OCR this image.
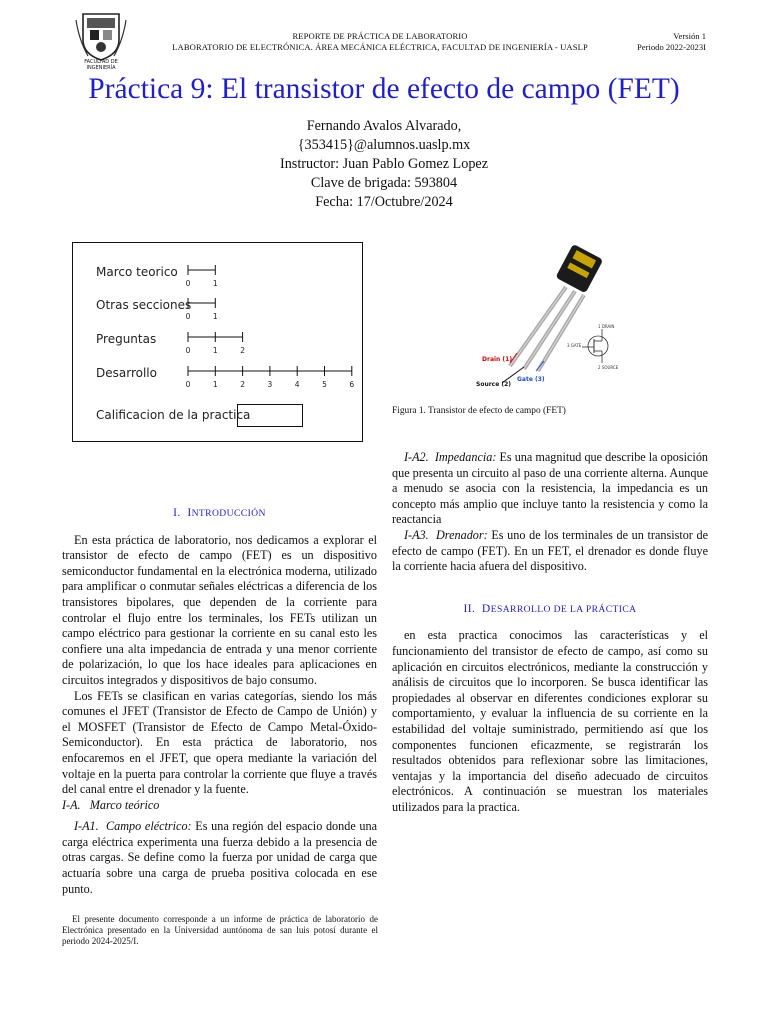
FACULTAD DE
INGENIERÍA
REPORTE DE PRÁCTICA DE LABORATORIO
LABORATORIO DE ELECTRÓNICA. ÁREA MECÁNICA ELÉCTRICA, FACULTAD DE INGENIERÍA - UASLP
Versión 1
Periodo 2022-2023I
Práctica 9: El transistor de efecto de campo (FET)
Fernando Avalos Alvarado,
{353415}@alumnos.uaslp.mx
Instructor: Juan Pablo Gomez Lopez
Clave de brigada: 593804
Fecha: 17/Octubre/2024
Marco teorico
0	1
Otras secciones
0	1
Preguntas
0	1	2
Desarrollo
0	1	2	3	4	5	6
Calificacion de la practica
Drain (1)
Source (2)
Gate (3)
1 DRAIN
3 GATE
2 SOURCE
Figura 1. Transistor de efecto de campo (FET)
I. INTRODUCCIÓN

En esta práctica de laboratorio, nos dedicamos a explorar el transistor de efecto de campo (FET) es un dispositivo semiconductor fundamental en la electrónica moderna, utilizado para amplificar o conmutar señales eléctricas a diferencia de los transistores bipolares, que dependen de la corriente para controlar el flujo entre los terminales, los FETs utilizan un campo eléctrico para gestionar la corriente en su canal esto les confiere una alta impedancia de entrada y una menor corriente de polarización, lo que los hace ideales para aplicaciones en circuitos integrados y dispositivos de bajo consumo.

Los FETs se clasifican en varias categorías, siendo los más comunes el JFET (Transistor de Efecto de Campo de Unión) y el MOSFET (Transistor de Efecto de Campo Metal-Óxido-Semiconductor). En esta práctica de laboratorio, nos enfocaremos en el JFET, que opera mediante la variación del voltaje en la puerta para controlar la corriente que fluye a través del canal entre el drenador y la fuente.

I-A. Marco teórico

I-A1. Campo eléctrico: Es una región del espacio donde una carga eléctrica experimenta una fuerza debido a la presencia de otras cargas. Se define como la fuerza por unidad de carga que actuaría sobre una carga de prueba positiva colocada en ese punto.

El presente documento corresponde a un informe de práctica de laboratorio de Electrónica presentado en la Universidad auntónoma de san luis potosí durante el periodo 2024-2025/I.

I-A2. Impedancia: Es una magnitud que describe la oposición que presenta un circuito al paso de una corriente alterna. Aunque a menudo se asocia con la resistencia, la impedancia es un concepto más amplio que incluye tanto la resistencia y como la reactancia

I-A3. Drenador: Es uno de los terminales de un transistor de efecto de campo (FET). En un FET, el drenador es donde fluye la corriente hacia afuera del dispositivo.

II. DESARROLLO DE LA PRÁCTICA

en esta practica conocimos las características y el funcionamiento del transistor de efecto de campo, así como su aplicación en circuitos electrónicos, mediante la construcción y análisis de circuitos que lo incorporen. Se busca identificar las propiedades al observar en diferentes condiciones explorar su comportamiento, y evaluar la influencia de su corriente en la estabilidad del voltaje suministrado, permitiendo así que los componentes funcionen eficazmente, se registrarán los resultados obtenidos para reflexionar sobre las limitaciones, ventajas y la importancia del diseño adecuado de circuitos electrónicos. A continuación se muestran los materiales utilizados para la practica.
